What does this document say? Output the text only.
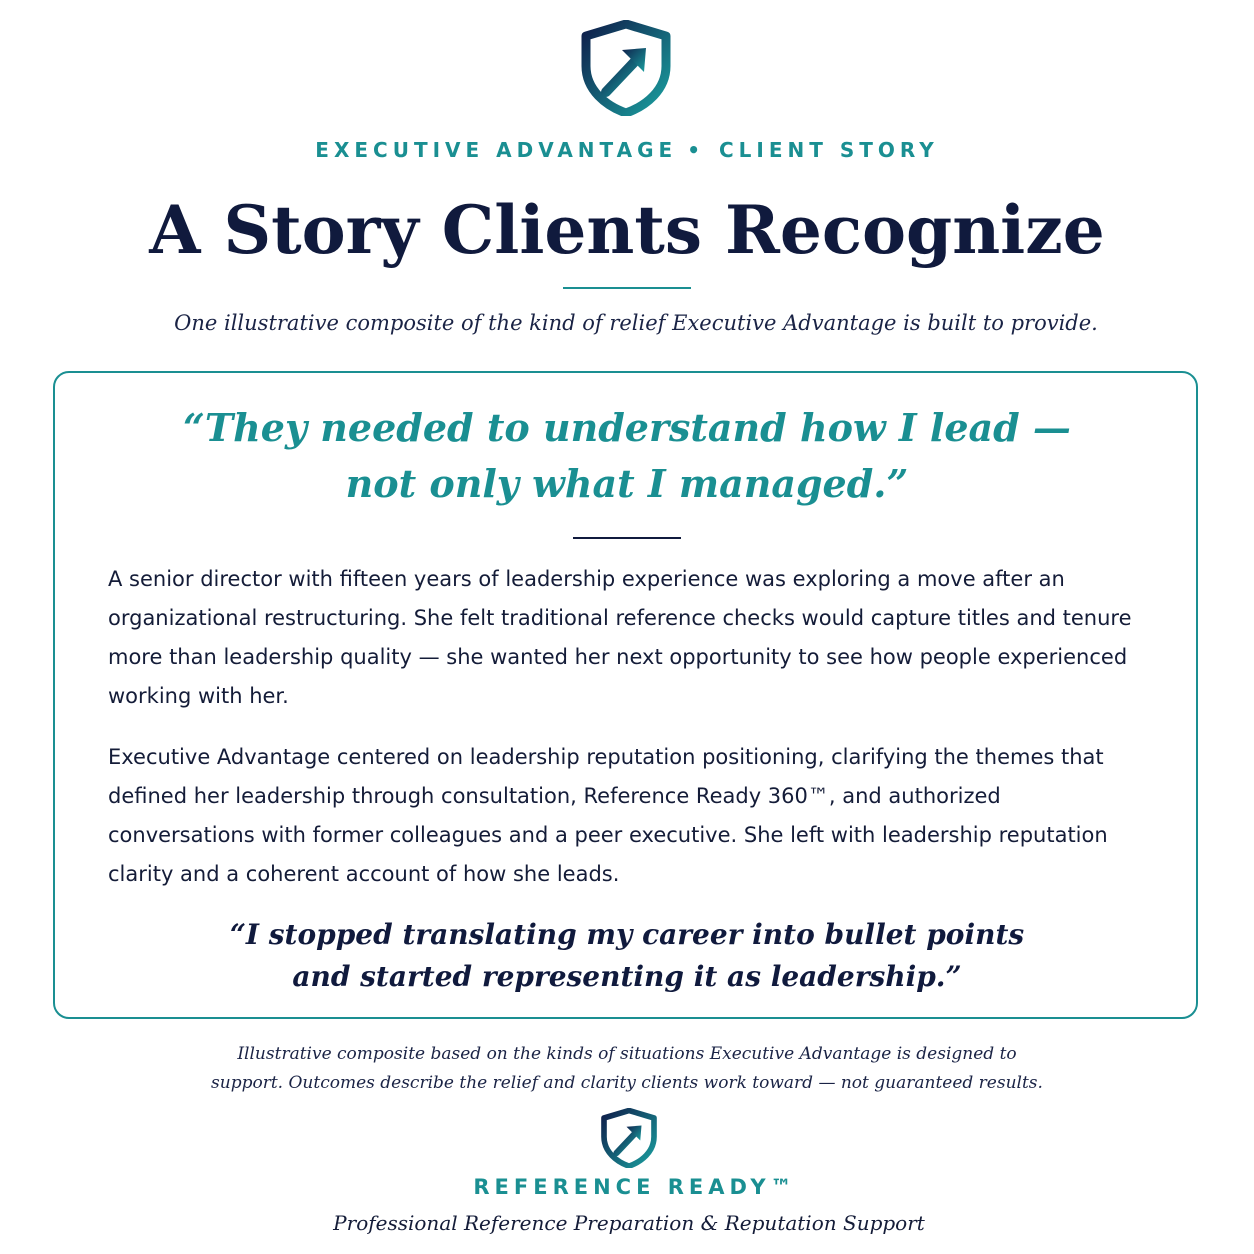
EXECUTIVE ADVANTAGE • CLIENT STORY
A Story Clients Recognize
One illustrative composite of the kind of relief Executive Advantage is built to provide.
“They needed to understand how I lead —
not only what I managed.”

A senior director with fifteen years of leadership experience was exploring a move after an organizational restructuring. She felt traditional reference checks would capture titles and tenure more than leadership quality — she wanted her next opportunity to see how people experienced working with her.

Executive Advantage centered on leadership reputation positioning, clarifying the themes that defined her leadership through consultation, Reference Ready 360™, and authorized conversations with former colleagues and a peer executive. She left with leadership reputation clarity and a coherent account of how she leads.

“I stopped translating my career into bullet points
and started representing it as leadership.”
Illustrative composite based on the kinds of situations Executive Advantage is designed to
support. Outcomes describe the relief and clarity clients work toward — not guaranteed results.
REFERENCE READY™
Professional Reference Preparation & Reputation Support
